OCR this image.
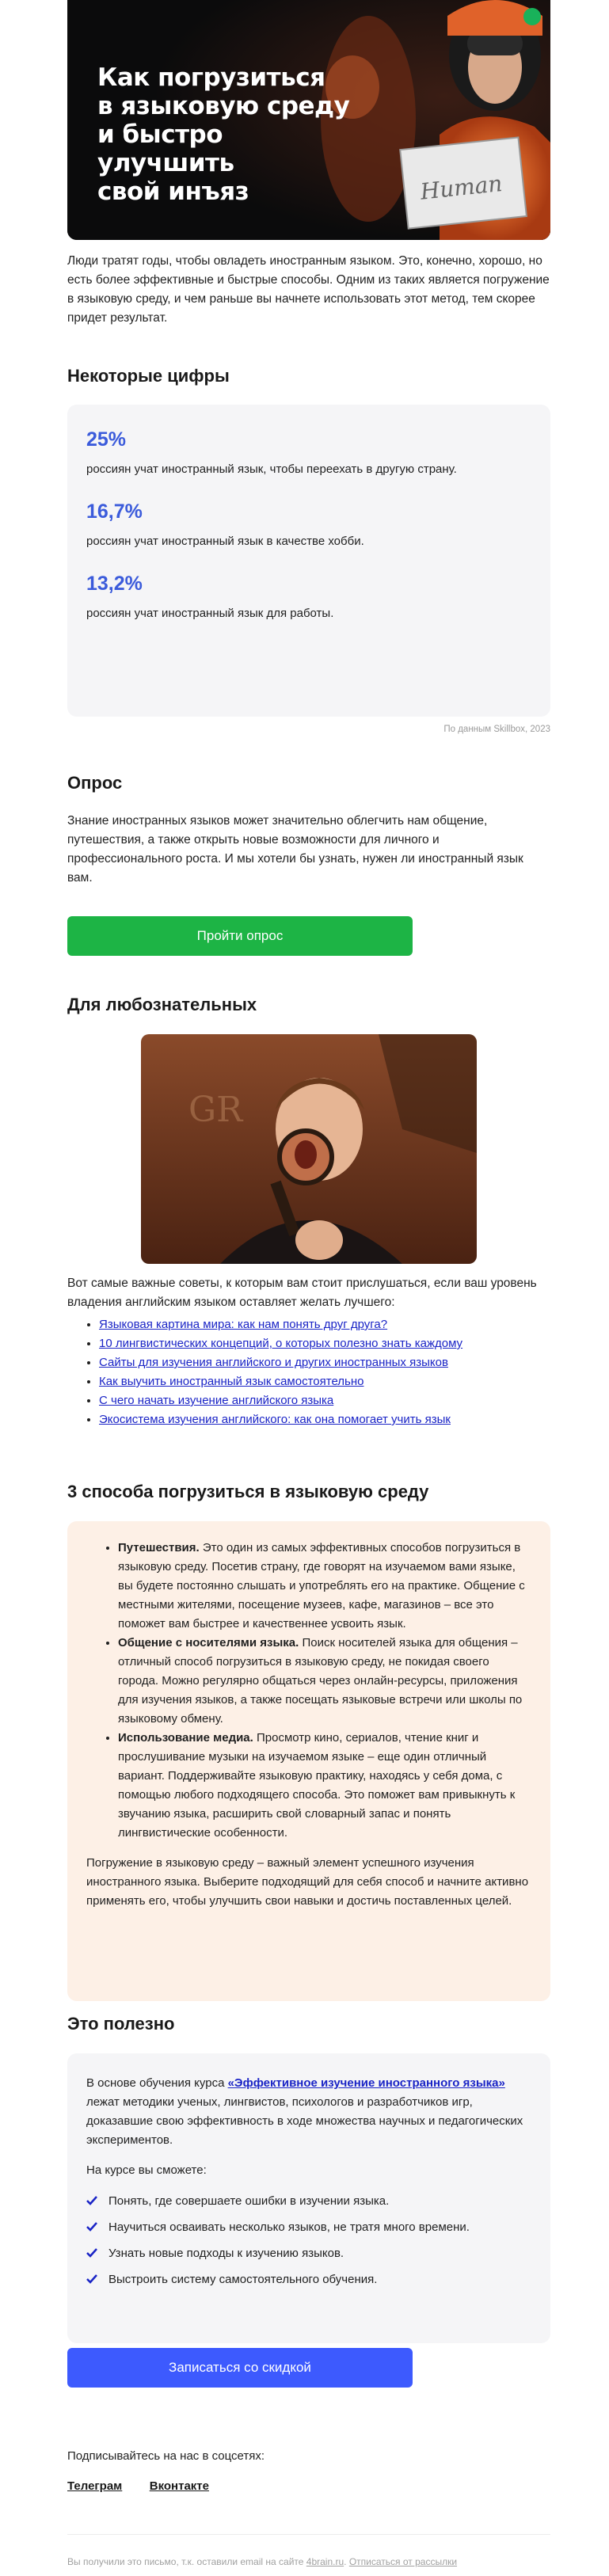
Human
Как погрузиться
в языковую среду
и быстро улучшить
свой инъяз

Люди тратят годы, чтобы овладеть иностранным языком. Это, конечно, хорошо, но есть более эффективные и быстрые способы. Одним из таких является погружение в языковую среду, и чем раньше вы начнете использовать этот метод, тем скорее придет результат.

Некоторые цифры
25%

россиян учат иностранный язык, чтобы переехать в другую страну.

16,7%

россиян учат иностранный язык в качестве хобби.

13,2%

россиян учат иностранный язык для работы.

По данным Skillbox, 2023
Опрос

Знание иностранных языков может значительно облегчить нам общение, путешествия, а также открыть новые возможности для личного и профессионального роста. И мы хотели бы узнать, нужен ли иностранный язык вам.

Пройти опрос
Для любознательных
GR

Вот самые важные советы, к которым вам стоит прислушаться, если ваш уровень владения английским языком оставляет желать лучшего:

• Языковая картина мира: как нам понять друг друга?
• 10 лингвистических концепций, о которых полезно знать каждому
• Сайты для изучения английского и других иностранных языков
• Как выучить иностранный язык самостоятельно
• С чего начать изучение английского языка
• Экосистема изучения английского: как она помогает учить язык
3 способа погрузиться в языковую среду
• Путешествия. Это один из самых эффективных способов погрузиться в языковую среду. Посетив страну, где говорят на изучаемом вами языке, вы будете постоянно слышать и употреблять его на практике. Общение с местными жителями, посещение музеев, кафе, магазинов – все это поможет вам быстрее и качественнее усвоить язык.
• Общение с носителями языка. Поиск носителей языка для общения – отличный способ погрузиться в языковую среду, не покидая своего города. Можно регулярно общаться через онлайн-ресурсы, приложения для изучения языков, а также посещать языковые встречи или школы по языковому обмену.
• Использование медиа. Просмотр кино, сериалов, чтение книг и прослушивание музыки на изучаемом языке – еще один отличный вариант. Поддерживайте языковую практику, находясь у себя дома, с помощью любого подходящего способа. Это поможет вам привыкнуть к звучанию языка, расширить свой словарный запас и понять лингвистические особенности.

Погружение в языковую среду – важный элемент успешного изучения иностранного языка. Выберите подходящий для себя способ и начните активно применять его, чтобы улучшить свои навыки и достичь поставленных целей.

Это полезно

В основе обучения курса «Эффективное изучение иностранного языка» лежат методики ученых, лингвистов, психологов и разработчиков игр, доказавшие свою эффективность в ходе множества научных и педагогических экспериментов.

На курсе вы сможете:

Понять, где совершаете ошибки в изучении языка.
Научиться осваивать несколько языков, не тратя много времени.
Узнать новые подходы к изучению языков.
Выстроить систему самостоятельного обучения.
Записаться со скидкой

Подписывайтесь на нас в соцсетях:

Телеграм Вконтакте
Вы получили это письмо, т.к. оставили email на сайте 4brain.ru. Отписаться от рассылки
